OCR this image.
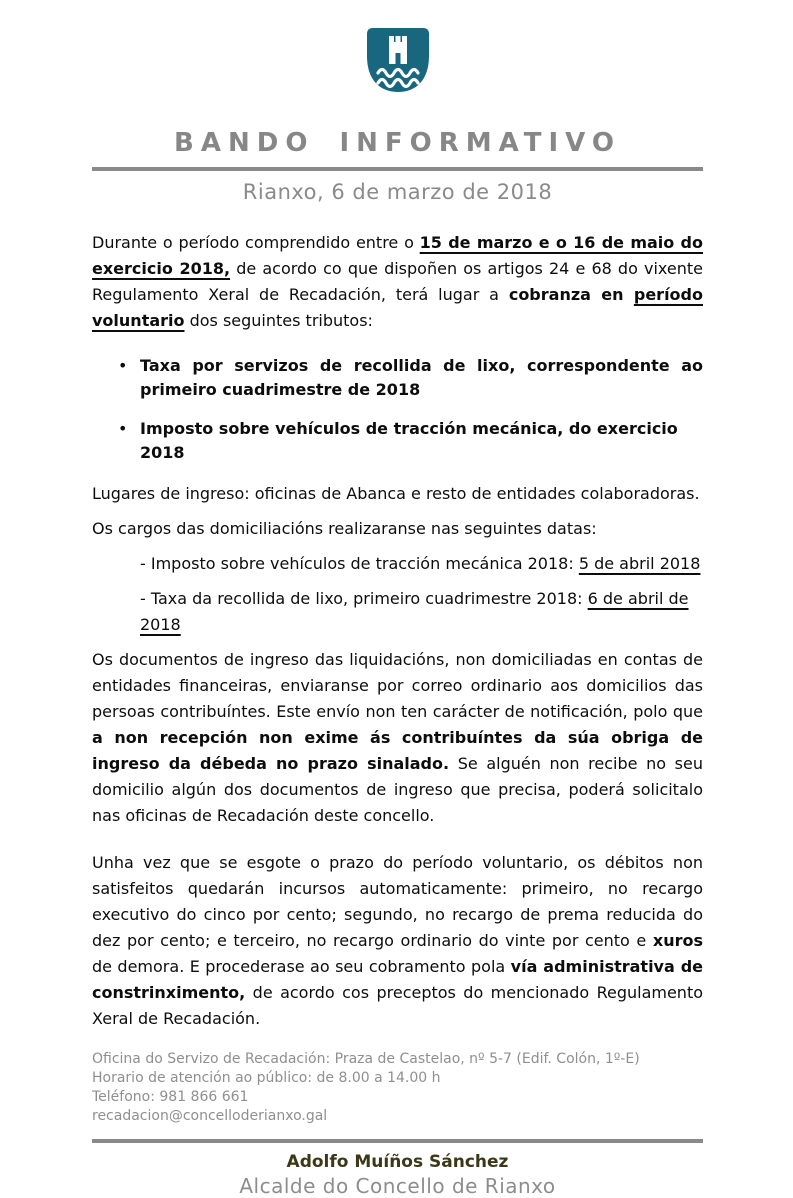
BANDO INFORMATIVO
Rianxo, 6 de marzo de 2018

Durante o período comprendido entre o 15 de marzo e o 16 de maio do exercicio 2018, de acordo co que dispoñen os artigos 24 e 68 do vixente Regulamento Xeral de Recadación, terá lugar a cobranza en período voluntario dos seguintes tributos:

• Taxa por servizos de recollida de lixo, correspondente ao primeiro cuadrimestre de 2018
• Imposto sobre vehículos de tracción mecánica, do exercicio 2018

Lugares de ingreso: oficinas de Abanca e resto de entidades colaboradoras.

Os cargos das domiciliacións realizaranse nas seguintes datas:

- Imposto sobre vehículos de tracción mecánica 2018: 5 de abril 2018

- Taxa da recollida de lixo, primeiro cuadrimestre 2018: 6 de abril de 2018

Os documentos de ingreso das liquidacións, non domiciliadas en contas de entidades financeiras, enviaranse por correo ordinario aos domicilios das persoas contribuíntes. Este envío non ten carácter de notificación, polo que a non recepción non exime ás contribuíntes da súa obriga de ingreso da débeda no prazo sinalado. Se alguén non recibe no seu domicilio algún dos documentos de ingreso que precisa, poderá solicitalo nas oficinas de Recadación deste concello.

Unha vez que se esgote o prazo do período voluntario, os débitos non satisfeitos quedarán incursos automaticamente: primeiro, no recargo executivo do cinco por cento; segundo, no recargo de prema reducida do dez por cento; e terceiro, no recargo ordinario do vinte por cento e xuros de demora. E procederase ao seu cobramento pola vía administrativa de constrinximento, de acordo cos preceptos do mencionado Regulamento Xeral de Recadación.

Oficina do Servizo de Recadación: Praza de Castelao, nº 5-7 (Edif. Colón, 1º-E)
Horario de atención ao público: de 8.00 a 14.00 h
Teléfono: 981 866 661
recadacion@concelloderianxo.gal
Adolfo Muíños Sánchez
Alcalde do Concello de Rianxo
